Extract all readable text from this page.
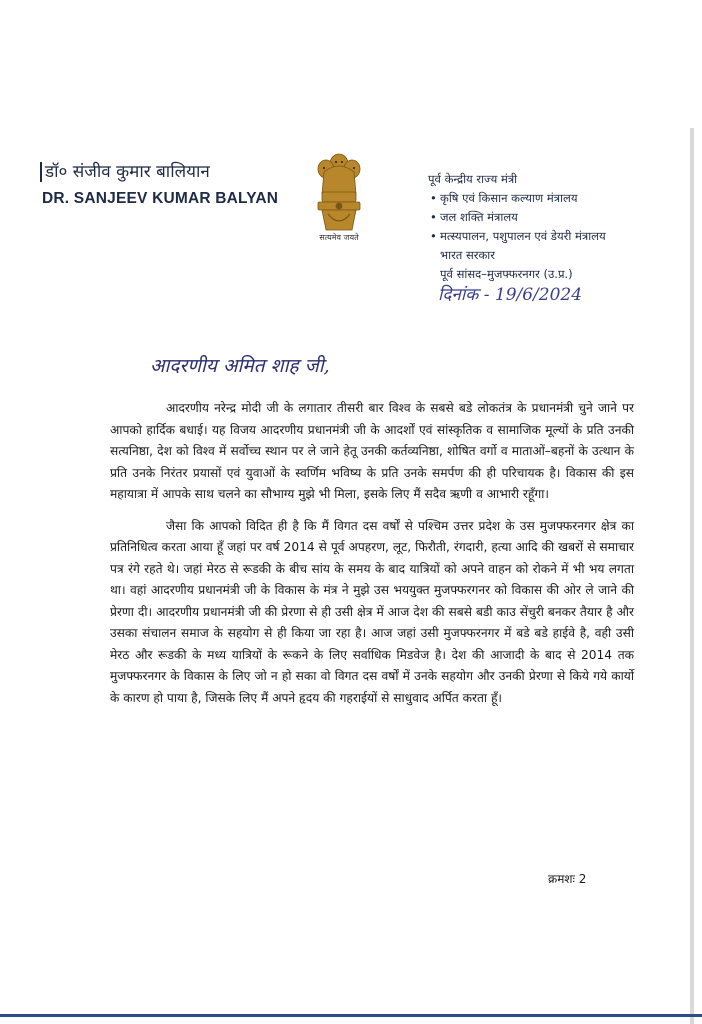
डॉ० संजीव कुमार बालियान
DR. SANJEEV KUMAR BALYAN
सत्यमेव जयते
पूर्व केन्द्रीय राज्य मंत्री
• कृषि एवं किसान कल्याण मंत्रालय
• जल शक्ति मंत्रालय
• मत्स्यपालन, पशुपालन एवं डेयरी मंत्रालय
भारत सरकार
पूर्व सांसद–मुजफ्फरनगर (उ.प्र.)
दिनांक - 19/6/2024
आदरणीय अमित शाह जी,

आदरणीय नरेन्द्र मोदी जी के लगातार तीसरी बार विश्व के सबसे बडे लोकतंत्र के प्रधानमंत्री चुने जाने पर आपको हार्दिक बधाई। यह विजय आदरणीय प्रधानमंत्री जी के आदर्शों एवं सांस्कृतिक व सामाजिक मूल्यों के प्रति उनकी सत्यनिष्ठा, देश को विश्व में सर्वोच्च स्थान पर ले जाने हेतू उनकी कर्तव्यनिष्ठा, शोषित वर्गो व माताओं–बहनों के उत्थान के प्रति उनके निरंतर प्रयासों एवं युवाओं के स्वर्णिम भविष्य के प्रति उनके समर्पण की ही परिचायक है। विकास की इस महायात्रा में आपके साथ चलने का सौभाग्य मुझे भी मिला, इसके लिए मैं सदैव ऋणी व आभारी रहूँगा।

जैसा कि आपको विदित ही है कि मैं विगत दस वर्षों से पश्चिम उत्तर प्रदेश के उस मुजफ्फरनगर क्षेत्र का प्रतिनिधित्व करता आया हूँ जहां पर वर्ष 2014 से पूर्व अपहरण, लूट, फिरौती, रंगदारी, हत्या आदि की खबरों से समाचार पत्र रंगे रहते थे। जहां मेरठ से रूडकी के बीच सांय के समय के बाद यात्रियों को अपने वाहन को रोकने में भी भय लगता था। वहां आदरणीय प्रधानमंत्री जी के विकास के मंत्र ने मुझे उस भययुक्त मुजफ्फरगनर को विकास की ओर ले जाने की प्रेरणा दी। आदरणीय प्रधानमंत्री जी की प्रेरणा से ही उसी क्षेत्र में आज देश की सबसे बडी काउ सेंचुरी बनकर तैयार है और उसका संचालन समाज के सहयोग से ही किया जा रहा है। आज जहां उसी मुजफ्फरनगर में बडे बडे हाईवे है, वही उसी मेरठ और रूडकी के मध्य यात्रियों के रूकने के लिए सर्वाधिक मिडवेज है। देश की आजादी के बाद से 2014 तक मुजफ्फरनगर के विकास के लिए जो न हो सका वो विगत दस वर्षों में उनके सहयोग और उनकी प्रेरणा से किये गये कार्यो के कारण हो पाया है, जिसके लिए मैं अपने हृदय की गहराईयों से साधुवाद अर्पित करता हूँ।

क्रमशः 2
